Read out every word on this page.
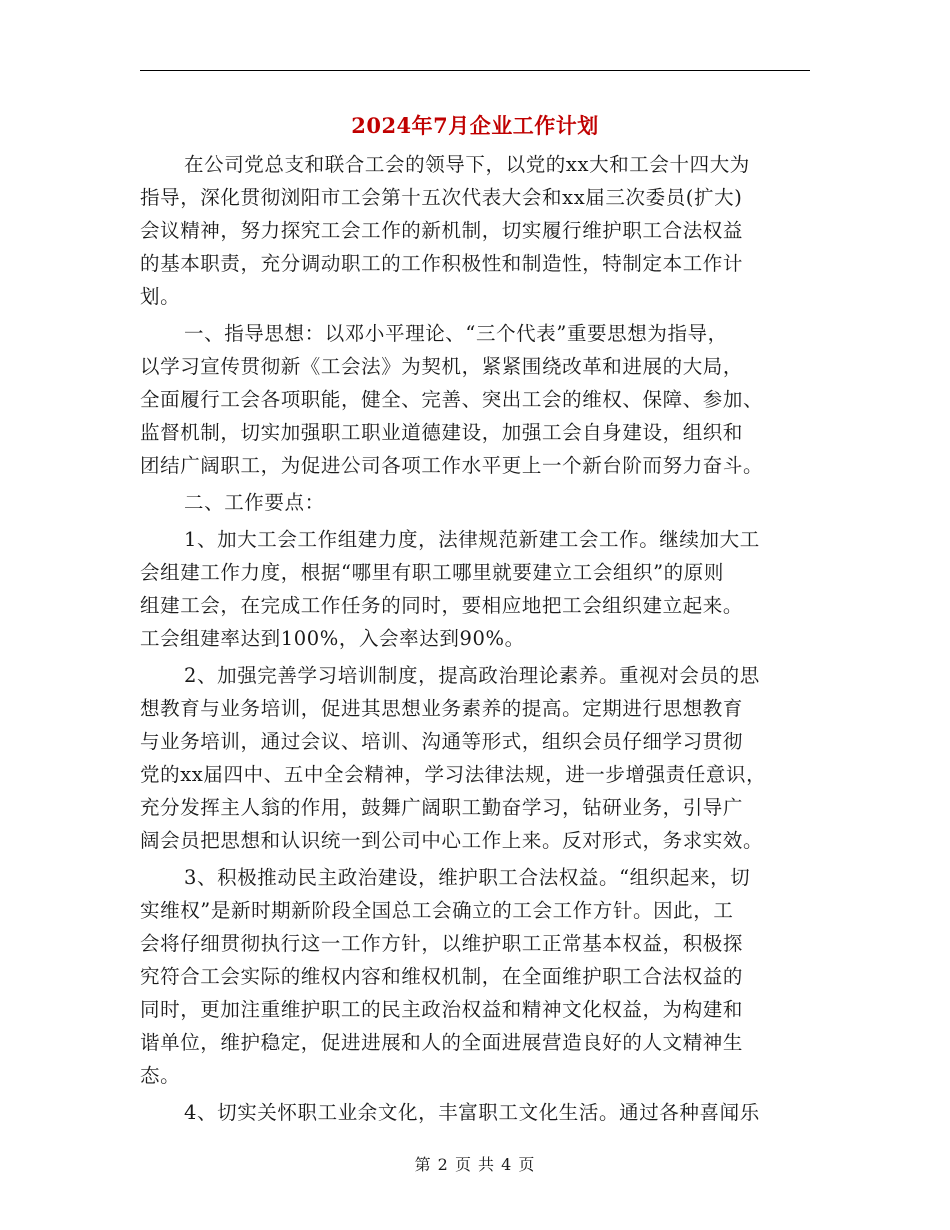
2024年7月企业工作计划
在公司党总支和联合工会的领导下，以党的xx大和工会十四大为
指导，深化贯彻浏阳市工会第十五次代表大会和xx届三次委员(扩大)
会议精神，努力探究工会工作的新机制，切实履行维护职工合法权益
的基本职责，充分调动职工的工作积极性和制造性，特制定本工作计
划。
一、指导思想：以邓小平理论、“三个代表”重要思想为指导，
以学习宣传贯彻新《工会法》为契机，紧紧围绕改革和进展的大局，
全面履行工会各项职能，健全、完善、突出工会的维权、保障、参加、
监督机制，切实加强职工职业道德建设，加强工会自身建设，组织和
团结广阔职工，为促进公司各项工作水平更上一个新台阶而努力奋斗。
二、工作要点：
1、加大工会工作组建力度，法律规范新建工会工作。继续加大工
会组建工作力度，根据“哪里有职工哪里就要建立工会组织”的原则
组建工会，在完成工作任务的同时，要相应地把工会组织建立起来。
工会组建率达到100%，入会率达到90%。
2、加强完善学习培训制度，提高政治理论素养。重视对会员的思
想教育与业务培训，促进其思想业务素养的提高。定期进行思想教育
与业务培训，通过会议、培训、沟通等形式，组织会员仔细学习贯彻
党的xx届四中、五中全会精神，学习法律法规，进一步增强责任意识，
充分发挥主人翁的作用，鼓舞广阔职工勤奋学习，钻研业务，引导广
阔会员把思想和认识统一到公司中心工作上来。反对形式，务求实效。
3、积极推动民主政治建设，维护职工合法权益。“组织起来，切
实维权”是新时期新阶段全国总工会确立的工会工作方针。因此，工
会将仔细贯彻执行这一工作方针，以维护职工正常基本权益，积极探
究符合工会实际的维权内容和维权机制，在全面维护职工合法权益的
同时，更加注重维护职工的民主政治权益和精神文化权益，为构建和
谐单位，维护稳定，促进进展和人的全面进展营造良好的人文精神生
态。
4、切实关怀职工业余文化，丰富职工文化生活。通过各种喜闻乐
第 2 页 共 4 页
